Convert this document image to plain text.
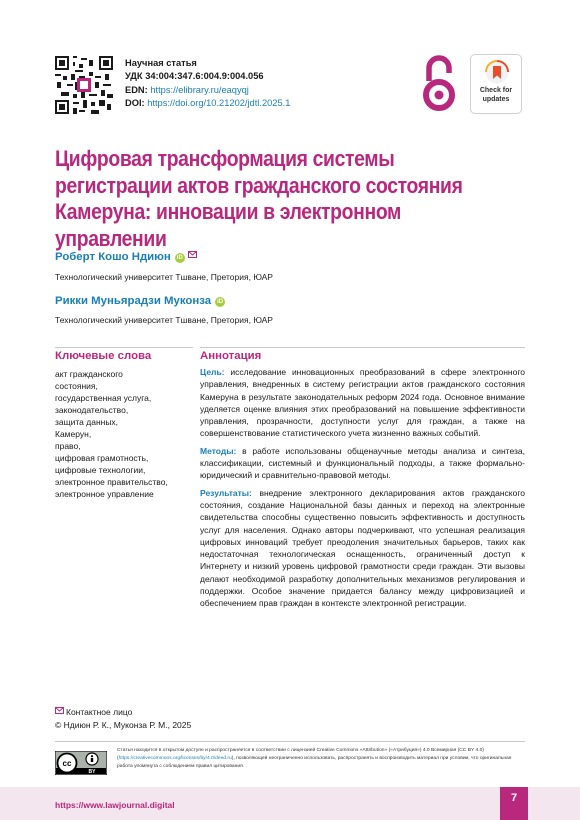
Научная статья
УДК 34:004:347.6:004.9:004.056
EDN: https://elibrary.ru/eaqyqj
DOI: https://doi.org/10.21202/jdtl.2025.1
Check for updates
Цифровая трансформация системы регистрации актов гражданского состояния Камеруна: инновации в электронном управлении
Роберт Кошо Ндиюн iD
Технологический университет Тшване, Претория, ЮАР
Рикки Муньярадзи Муконза iD
Технологический университет Тшване, Претория, ЮАР
Ключевые слова	Аннотация
акт гражданского
состояния,
государственная услуга,
законодательство,
защита данных,
Камерун,
право,
цифровая грамотность,
цифровые технологии,
электронное правительство,
электронное управление

Цель: исследование инновационных преобразований в сфере электронного управления, внедренных в систему регистрации актов гражданского состояния Камеруна в результате законодательных реформ 2024 года. Основное внимание уделяется оценке влияния этих преобразований на повышение эффективности управления, прозрачности, доступности услуг для граждан, а также на совершенствование статистического учета жизненно важных событий.

Методы: в работе использованы общенаучные методы анализа и синтеза, классификации, системный и функциональный подходы, а также формально-юридический и сравнительно-правовой методы.

Результаты: внедрение электронного декларирования актов гражданского состояния, создание Национальной базы данных и переход на электронные свидетельства способны существенно повысить эффективность и доступность услуг для населения. Однако авторы подчеркивают, что успешная реализация цифровых инноваций требует преодоления значительных барьеров, таких как недостаточная технологическая оснащенность, ограниченный доступ к Интернету и низкий уровень цифровой грамотности среди граждан. Эти вызовы делают необходимой разработку дополнительных механизмов регулирования и поддержки. Особое значение придается балансу между цифровизацией и обеспечением прав граждан в контексте электронной регистрации.

Контактное лицо
© Ндиюн Р. К., Муконза Р. М., 2025
cc
BY
Статья находится в открытом доступе и распространяется в соответствии с лицензией Creative Commons «Attribution» («Атрибуция») 4.0 Всемирная (CC BY 4.0) (https://creativecommons.org/licenses/by/4.0/deed.ru), позволяющей неограниченно использовать, распространять и воспроизводить материал при условии, что оригинальная работа упомянута с соблюдением правил цитирования.
https://www.lawjournal.digital
7
